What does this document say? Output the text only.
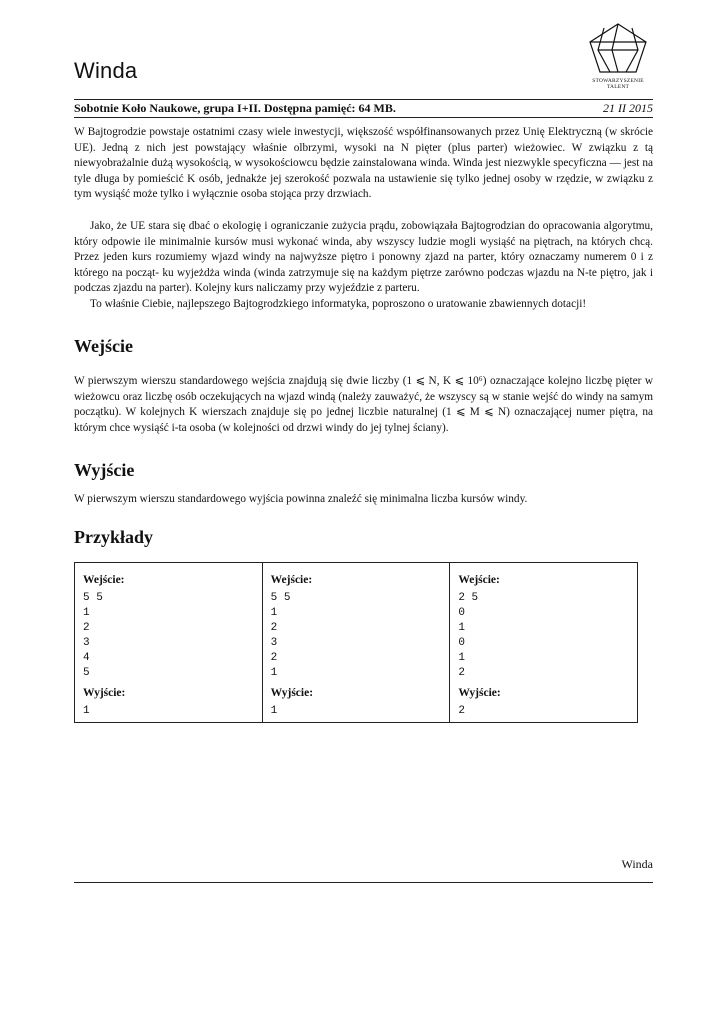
Winda	STOWARZYSZENIE
TALENT
Sobotnie Koło Naukowe, grupa I+II. Dostępna pamięć: 64 MB.	21 II 2015

W Bajtogrodzie powstaje ostatnimi czasy wiele inwestycji, większość współfinansowanych przez Unię Elektryczną (w skrócie UE). Jedną z nich jest powstający właśnie olbrzymi, wysoki na N pięter (plus parter) wieżowiec. W związku z tą niewyobrażalnie dużą wysokością, w wysokościowcu będzie zainstalowana winda. Winda jest niezwykle specyficzna — jest na tyle długa by pomieścić K osób, jednakże jej szerokość pozwala na ustawienie się tylko jednej osoby w rzędzie, w związku z tym wysiąść może tylko i wyłącznie osoba stojąca przy drzwiach.

Jako, że UE stara się dbać o ekologię i ograniczanie zużycia prądu, zobowiązała Bajtogrodzian do opracowania algorytmu, który odpowie ile minimalnie kursów musi wykonać winda, aby wszyscy ludzie mogli wysiąść na piętrach, na których chcą. Przez jeden kurs rozumiemy wjazd windy na najwyższe piętro i ponowny zjazd na parter, który oznaczamy numerem 0 i z którego na począt- ku wyjeżdża winda (winda zatrzymuje się na każdym piętrze zarówno podczas wjazdu na N-te piętro, jak i podczas zjazdu na parter). Kolejny kurs naliczamy przy wyjeździe z parteru.

To właśnie Ciebie, najlepszego Bajtogrodzkiego informatyka, poproszono o uratowanie zbawiennych dotacji!

Wejście

W pierwszym wierszu standardowego wejścia znajdują się dwie liczby (1 ⩽ N, K ⩽ 10⁶) oznaczające kolejno liczbę pięter w wieżowcu oraz liczbę osób oczekujących na wjazd windą (należy zauważyć, że wszyscy są w stanie wejść do windy na samym początku). W kolejnych K wierszach znajduje się po jednej liczbie naturalnej (1 ⩽ M ⩽ N) oznaczającej numer piętra, na którym chce wysiąść i-ta osoba (w kolejności od drzwi windy do jej tylnej ściany).

Wyjście

W pierwszym wierszu standardowego wyjścia powinna znaleźć się minimalna liczba kursów windy.

Przykłady
Wejście:
5 5
1
2
3
4
5
Wyjście:
1
Wejście:
5 5
1
2
3
2
1
Wyjście:
1
Wejście:
2 5
0
1
0
1
2
Wyjście:
2
Winda
